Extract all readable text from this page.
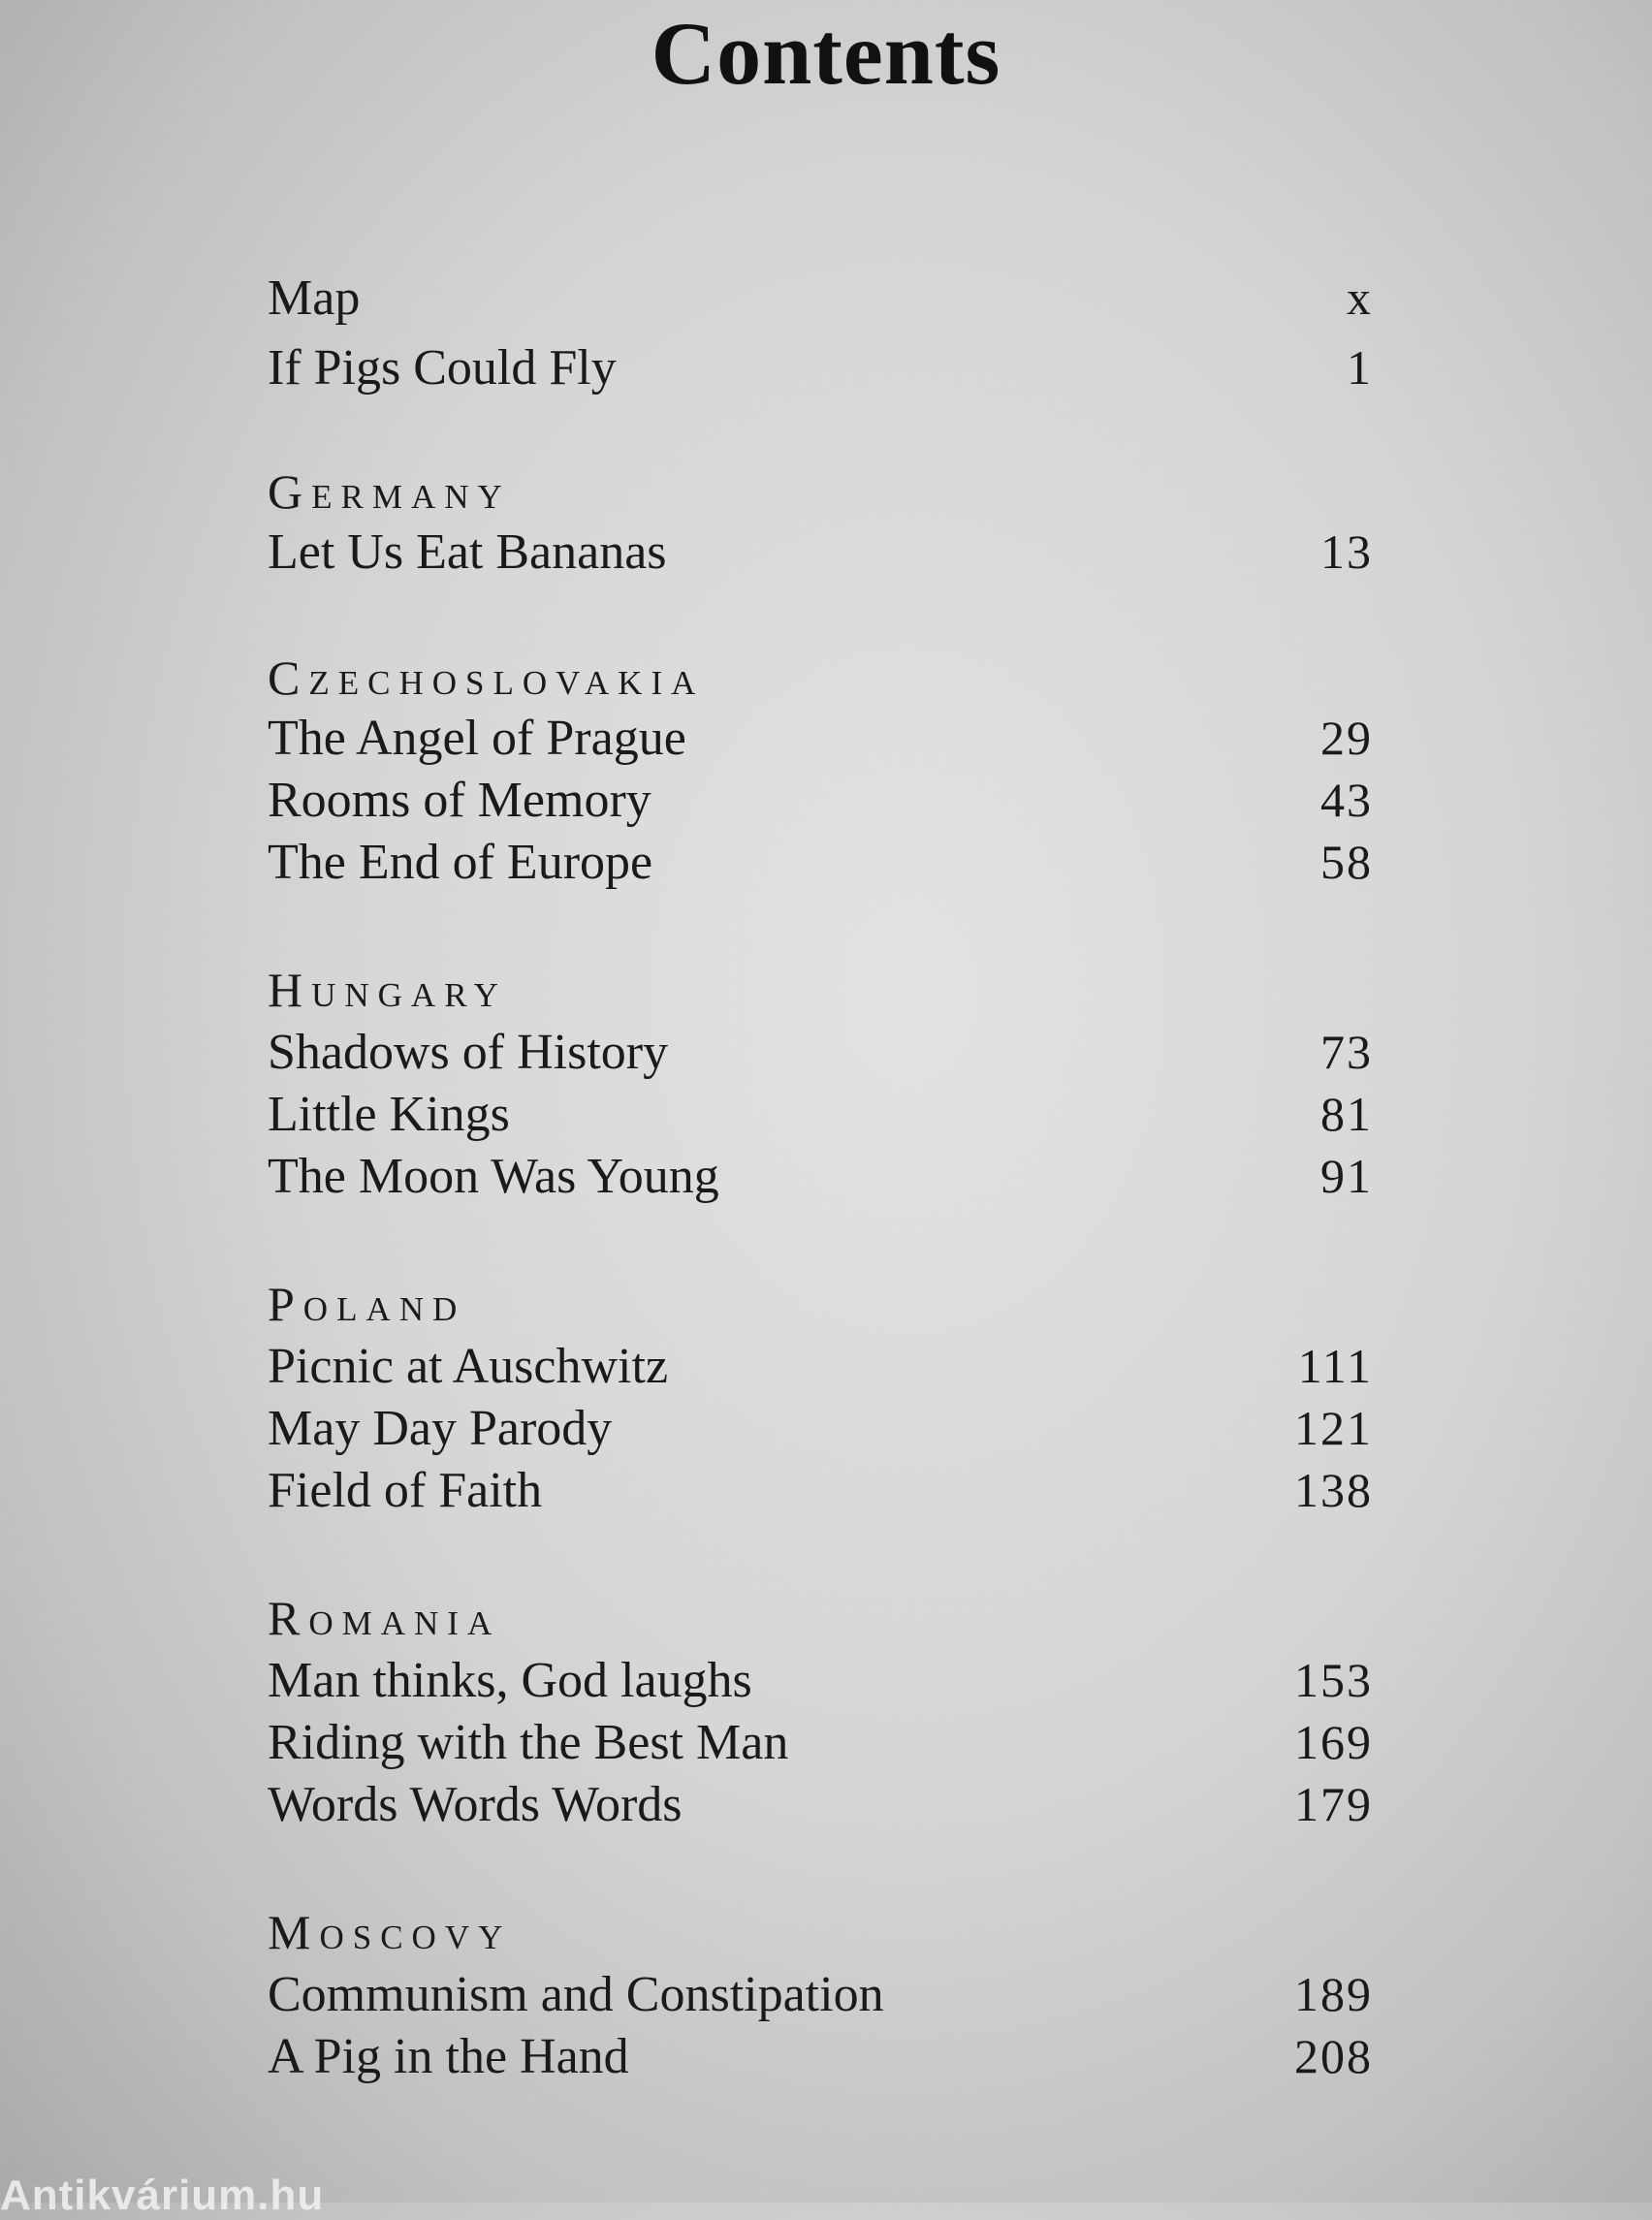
Contents
Map	x
If Pigs Could Fly	1
Germany
Let Us Eat Bananas	13
Czechoslovakia
The Angel of Prague	29
Rooms of Memory	43
The End of Europe	58
Hungary
Shadows of History	73
Little Kings	81
The Moon Was Young	91
Poland
Picnic at Auschwitz	111
May Day Parody	121
Field of Faith	138
Romania
Man thinks, God laughs	153
Riding with the Best Man	169
Words Words Words	179
Moscovy
Communism and Constipation	189
A Pig in the Hand	208
Antikvárium.hu
